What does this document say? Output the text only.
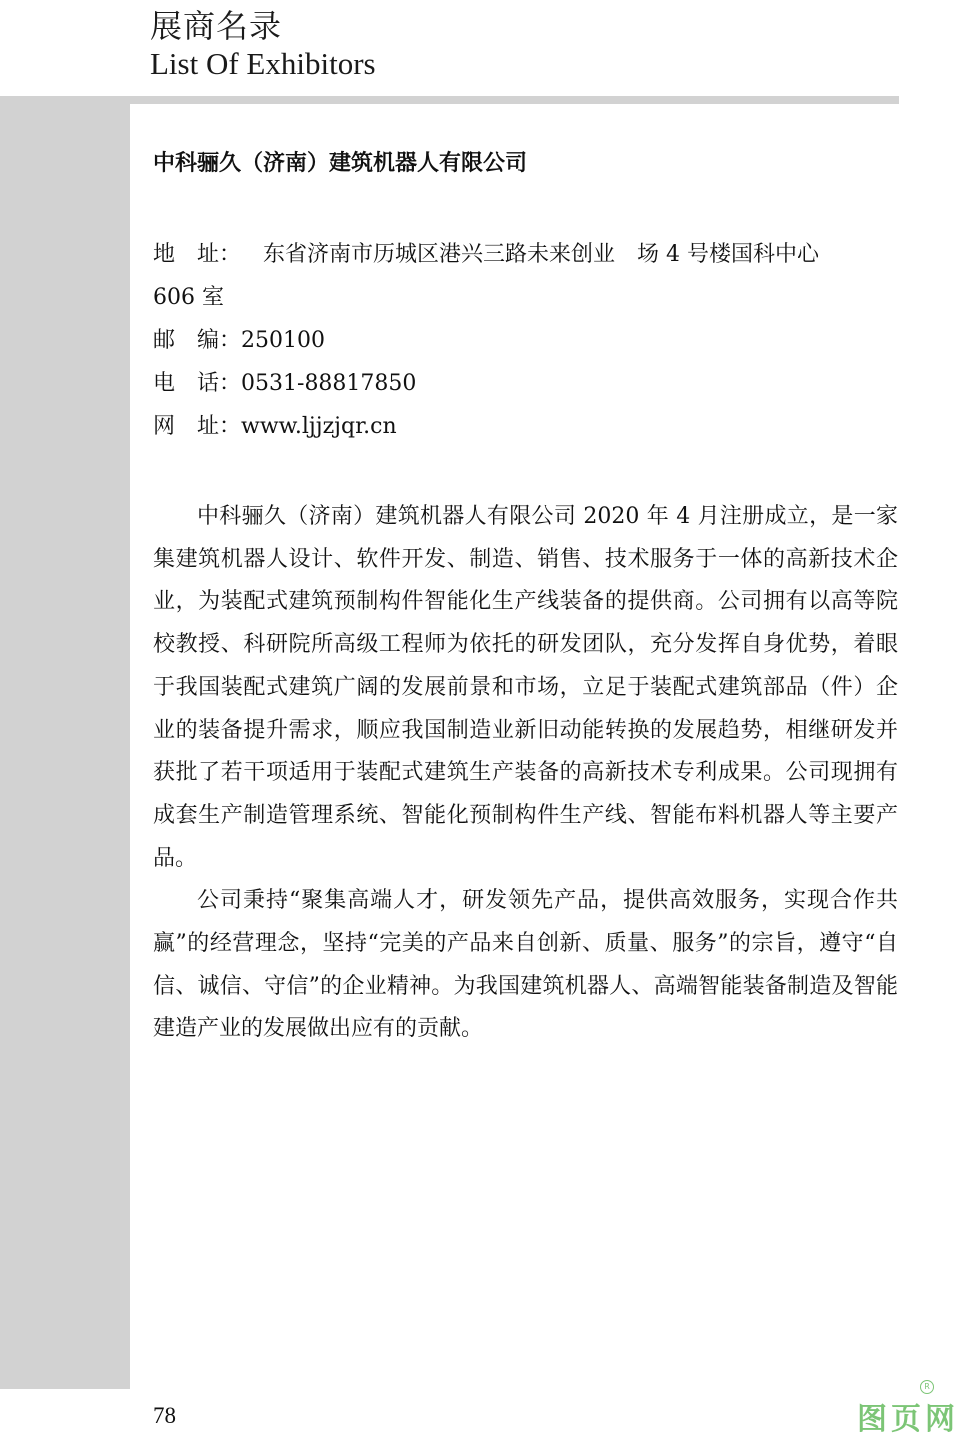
展商名录
List Of Exhibitors
中科骊久（济南）建筑机器人有限公司
地　址：	东省济南市历城区港兴三路未来创业　场 4 号楼国科中心
606 室
邮　编： 250100
电　话： 0531-88817850
网　址： www.ljjzjqr.cn

中科骊久（济南）建筑机器人有限公司 2020 年 4 月注册成立，是一家集建筑机器人设计、软件开发、制造、销售、技术服务于一体的高新技术企业，为装配式建筑预制构件智能化生产线装备的提供商。公司拥有以高等院校教授、科研院所高级工程师为依托的研发团队，充分发挥自身优势，着眼于我国装配式建筑广阔的发展前景和市场，立足于装配式建筑部品（件）企业的装备提升需求，顺应我国制造业新旧动能转换的发展趋势，相继研发并获批了若干项适用于装配式建筑生产装备的高新技术专利成果。公司现拥有成套生产制造管理系统、智能化预制构件生产线、智能布料机器人等主要产品。

公司秉持“聚集高端人才，研发领先产品，提供高效服务，实现合作共赢”的经营理念，坚持“完美的产品来自创新、质量、服务”的宗旨，遵守“自信、诚信、守信”的企业精神。为我国建筑机器人、高端智能装备制造及智能建造产业的发展做出应有的贡献。

78	图页网
R
